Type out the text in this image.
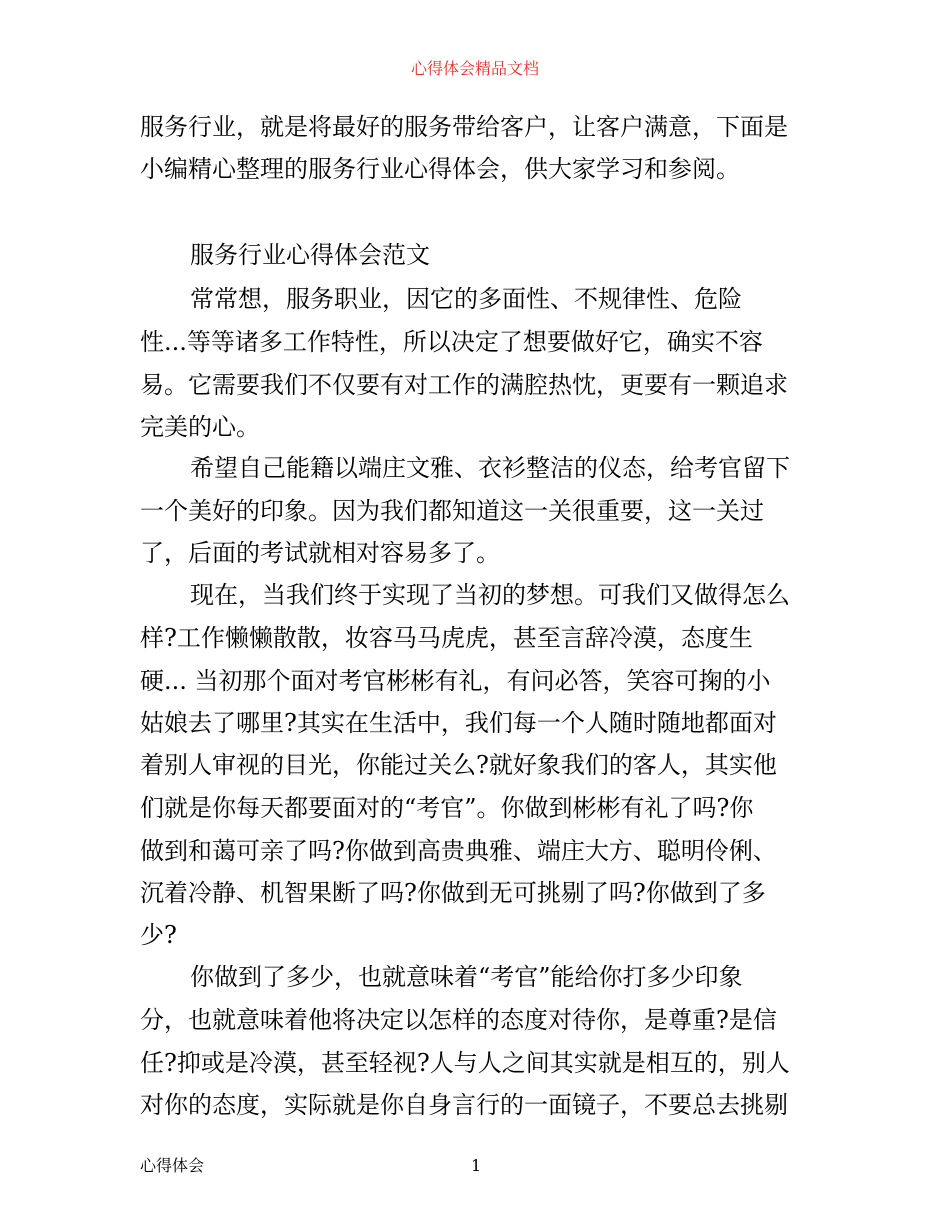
心得体会精品文档
服务行业，就是将最好的服务带给客户，让客户满意，下面是
小编精心整理的服务行业心得体会，供大家学习和参阅。
服务行业心得体会范文
常常想，服务职业，因它的多面性、不规律性、危险
性...等等诸多工作特性，所以决定了想要做好它，确实不容
易。它需要我们不仅要有对工作的满腔热忱，更要有一颗追求
完美的心。
希望自己能籍以端庄文雅、衣衫整洁的仪态，给考官留下
一个美好的印象。因为我们都知道这一关很重要，这一关过
了，后面的考试就相对容易多了。
现在，当我们终于实现了当初的梦想。可我们又做得怎么
样?工作懒懒散散，妆容马马虎虎，甚至言辞冷漠，态度生
硬... 当初那个面对考官彬彬有礼，有问必答，笑容可掬的小
姑娘去了哪里?其实在生活中，我们每一个人随时随地都面对
着别人审视的目光，你能过关么?就好象我们的客人，其实他
们就是你每天都要面对的“考官”。你做到彬彬有礼了吗?你
做到和蔼可亲了吗?你做到高贵典雅、端庄大方、聪明伶俐、
沉着冷静、机智果断了吗?你做到无可挑剔了吗?你做到了多
少?
你做到了多少，也就意味着“考官”能给你打多少印象
分，也就意味着他将决定以怎样的态度对待你，是尊重?是信
任?抑或是冷漠，甚至轻视?人与人之间其实就是相互的，别人
对你的态度，实际就是你自身言行的一面镜子，不要总去挑剔
心得体会	1
